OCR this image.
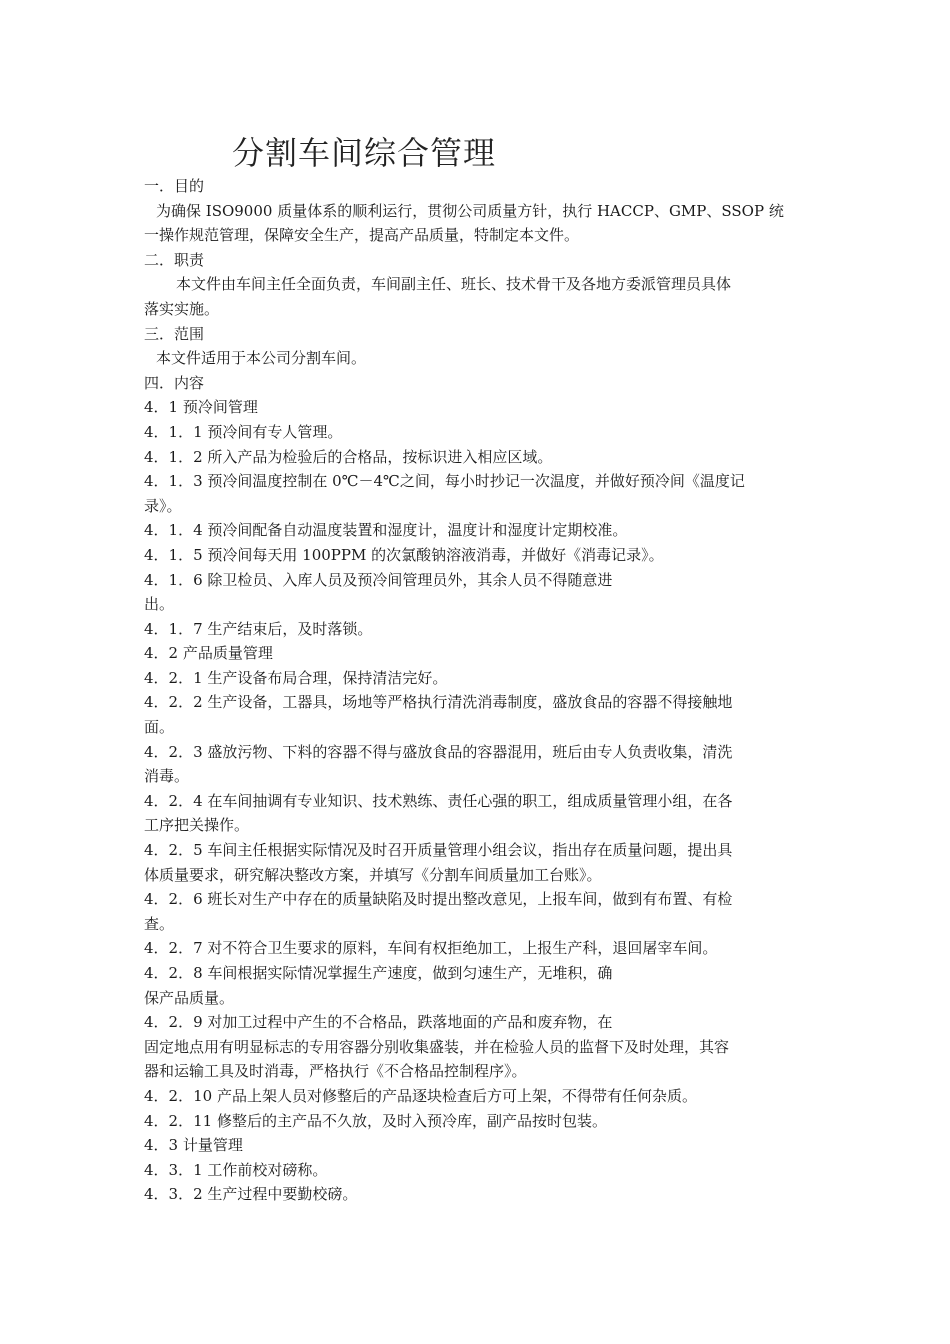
分割车间综合管理
一．目的
为确保 ISO9000 质量体系的顺利运行，贯彻公司质量方针，执行 HACCP、GMP、SSOP 统
一操作规范管理，保障安全生产，提高产品质量，特制定本文件。
二．职责
本文件由车间主任全面负责，车间副主任、班长、技术骨干及各地方委派管理员具体
落实实施。
三．范围
本文件适用于本公司分割车间。
四．内容
4．1 预冷间管理
4．1．1 预冷间有专人管理。
4．1．2 所入产品为检验后的合格品，按标识进入相应区域。
4．1．3 预冷间温度控制在 0℃－4℃之间，每小时抄记一次温度，并做好预冷间《温度记
录》。
4．1．4 预冷间配备自动温度装置和湿度计，温度计和湿度计定期校准。
4．1．5 预冷间每天用 100PPM 的次氯酸钠溶液消毒，并做好《消毒记录》。
4．1．6 除卫检员、入库人员及预冷间管理员外，其余人员不得随意进
出。
4．1．7 生产结束后，及时落锁。
4．2 产品质量管理
4．2．1 生产设备布局合理，保持清洁完好。
4．2．2 生产设备，工器具，场地等严格执行清洗消毒制度，盛放食品的容器不得接触地
面。
4．2．3 盛放污物、下料的容器不得与盛放食品的容器混用，班后由专人负责收集，清洗
消毒。
4．2．4 在车间抽调有专业知识、技术熟练、责任心强的职工，组成质量管理小组，在各
工序把关操作。
4．2．5 车间主任根据实际情况及时召开质量管理小组会议，指出存在质量问题，提出具
体质量要求，研究解决整改方案，并填写《分割车间质量加工台账》。
4．2．6 班长对生产中存在的质量缺陷及时提出整改意见，上报车间，做到有布置、有检
查。
4．2．7 对不符合卫生要求的原料，车间有权拒绝加工，上报生产科，退回屠宰车间。
4．2．8 车间根据实际情况掌握生产速度，做到匀速生产，无堆积，确
保产品质量。
4．2．9 对加工过程中产生的不合格品，跌落地面的产品和废弃物，在
固定地点用有明显标志的专用容器分别收集盛装，并在检验人员的监督下及时处理，其容
器和运输工具及时消毒，严格执行《不合格品控制程序》。
4．2．10 产品上架人员对修整后的产品逐块检查后方可上架，不得带有任何杂质。
4．2．11 修整后的主产品不久放，及时入预冷库，副产品按时包装。
4．3 计量管理
4．3．1 工作前校对磅称。
4．3．2 生产过程中要勤校磅。
